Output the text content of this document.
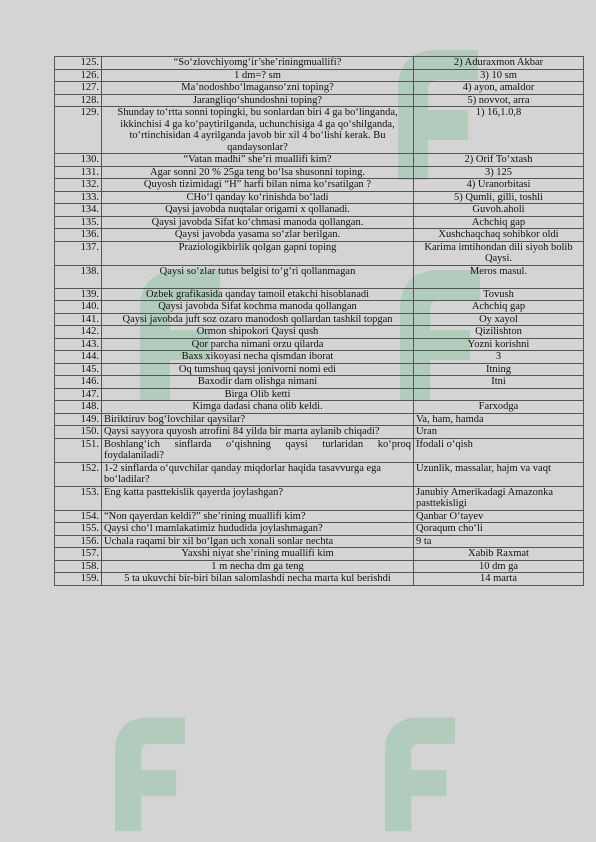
125.	“So‘zlovchiyomg‘ir’she’riningmuallifi?	2) Aduraxmon Akbar
126.	1 dm=? sm	3) 10 sm
127.	Ma’nodoshbo‘lmaganso‘zni toping?	4) ayon, amaldor
128.	Jarangliqo‘shundoshni toping?	5) novvot, arra
129.	Shunday to‘rtta sonni topingki, bu sonlardan biri 4 ga bo‘linganda, ikkinchisi 4 ga ko‘paytirilganda, uchunchisiga 4 ga qo‘shilganda, to‘rtinchisidan 4 ayrilganda javob bir xil 4 bo‘lishi kerak. Bu qandaysonlar?	1) 16,1.0,8
130.	“Vatan madhi” she’ri muallifi kim?	2) Orif To‘xtash
131.	Agar sonni 20 % 25ga teng bo‘lsa shusonni toping.	3) 125
132.	Quyosh tizimidagi “H” harfi bilan nima ko‘rsatilgan ?	4) Uranorbitasi
133.	CHo‘l qanday ko‘rinishda bo‘ladi	5) Qumli, gilli, toshli
134.	Qaysi javobda nuqtalar origami x qollanadi.	Guvoh.aholi
135.	Qaysi javobda Sifat ko‘chmasi manoda qollangan.	Achchiq gap
136.	Qaysi javobda yasama so‘zlar berilgan.	Xushchaqchaq sohibkor oldi
137.	Praziologikbirlik qolgan gapni toping	Karima imtihondan dili siyoh bolib Qaysi.
138.	Qaysi so‘zlar tutus belgisi to‘g‘ri qollanmagan	Meros masul.
139.	Ozbek grafikasida qanday tamoil etakchi hisoblanadi	Tovush
140.	Qaysi javobda Sifat kochma manoda qollangan	Achchiq gap
141.	Qaysi javobda juft soz ozaro manodosh qollardan tashkil topgan	Oy xayol
142.	Ormon shipokori Qaysi qush	Qizilishton
143.	Qor parcha nimani orzu qilarda	Yozni korishni
144.	Baxs xikoyasi necha qismdan iborat	3
145.	Oq tumshuq qaysi jonivorni nomi edi	Itning
146.	Baxodir dam olishga nimani	Itni
147.	Birga Olib ketti	
148.	Kimga dadasi chana olib keldi.	Farxodga
149.	Biriktiruv bog‘lovchilar qaysilar?	Va, ham, hamda
150.	Qaysi sayyora quyosh atrofini 84 yilda bir marta aylanib chiqadi?	Uran
151.	Boshlang‘ich sinflarda o‘qishning qaysi turlaridan ko‘proq foydalaniladi?	Ifodali o‘qish
152.	1-2 sinflarda o‘quvchilar qanday miqdorlar haqida tasavvurga ega bo‘ladilar?	Uzunlik, massalar, hajm va vaqt
153.	Eng katta pasttekislik qayerda joylashgan?	Janubiy Amerikadagi Amazonka pasttekisligi
154.	“Non qayerdan keldi?” she’rining muallifi kim?	Qanbar O‘tayev
155.	Qaysi cho‘l mamlakatimiz hududida joylashmagan?	Qoraqum cho‘li
156.	Uchala raqami bir xil bo‘lgan uch xonali sonlar nechta	9 ta
157.	Yaxshi niyat she’rining muallifi kim	Xabib Raxmat
158.	1 m necha dm ga teng	10 dm ga
159.	5 ta ukuvchi bir-biri bilan salomlashdi necha marta kul berishdi	14 marta
